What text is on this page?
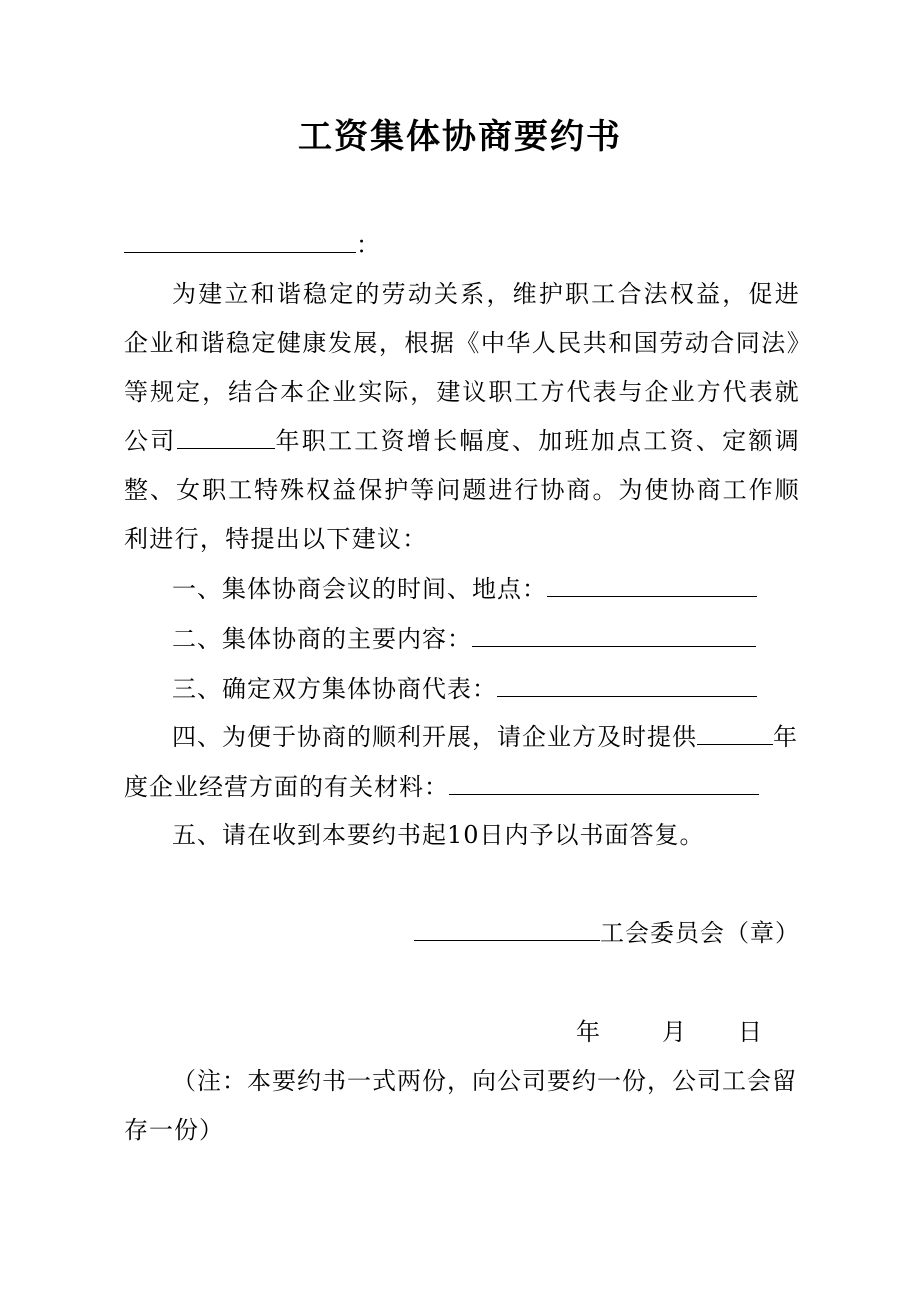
工资集体协商要约书
：
为建立和谐稳定的劳动关系，维护职工合法权益，促进企业和谐稳定健康发展，根据《中华人民共和国劳动合同法》等规定，结合本企业实际，建议职工方代表与企业方代表就公司	年职工工资增长幅度、加班加点工资、定额调整、女职工特殊权益保护等问题进行协商。为使协商工作顺利进行，特提出以下建议：
一、集体协商会议的时间、地点：
二、集体协商的主要内容：
三、确定双方集体协商代表：
四、为便于协商的顺利开展，请企业方及时提供	年
度企业经营方面的有关材料：
五、请在收到本要约书起10日内予以书面答复。
工会委员会（章）
年	月 日
（注：本要约书一式两份，向公司要约一份，公司工会留
存一份）
